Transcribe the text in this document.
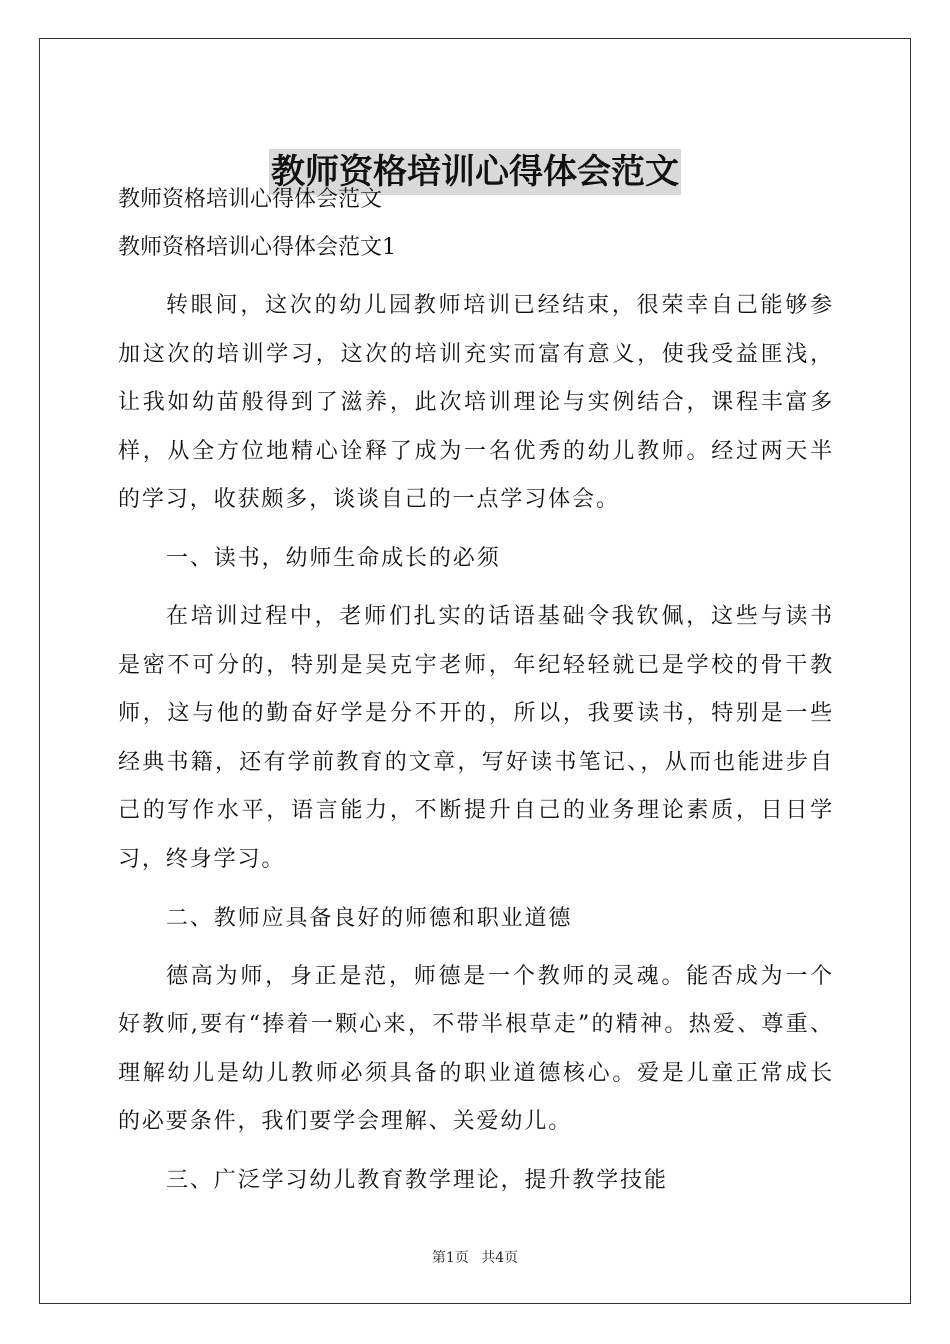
教师资格培训心得体会范文

教师资格培训心得体会范文

教师资格培训心得体会范文1

转眼间，这次的幼儿园教师培训已经结束，很荣幸自己能够参加这次的培训学习，这次的培训充实而富有意义，使我受益匪浅，让我如幼苗般得到了滋养，此次培训理论与实例结合，课程丰富多样，从全方位地精心诠释了成为一名优秀的幼儿教师。经过两天半的学习，收获颇多，谈谈自己的一点学习体会。

一、读书，幼师生命成长的必须

在培训过程中，老师们扎实的话语基础令我钦佩，这些与读书是密不可分的，特别是吴克宇老师，年纪轻轻就已是学校的骨干教师，这与他的勤奋好学是分不开的，所以，我要读书，特别是一些经典书籍，还有学前教育的文章，写好读书笔记、，从而也能进步自己的写作水平，语言能力，不断提升自己的业务理论素质，日日学习，终身学习。

二、教师应具备良好的师德和职业道德

德高为师，身正是范，师德是一个教师的灵魂。能否成为一个好教师,要有“捧着一颗心来，不带半根草走”的精神。热爱、尊重、理解幼儿是幼儿教师必须具备的职业道德核心。爱是儿童正常成长的必要条件，我们要学会理解、关爱幼儿。

三、广泛学习幼儿教育教学理论，提升教学技能

第1页 共4页
